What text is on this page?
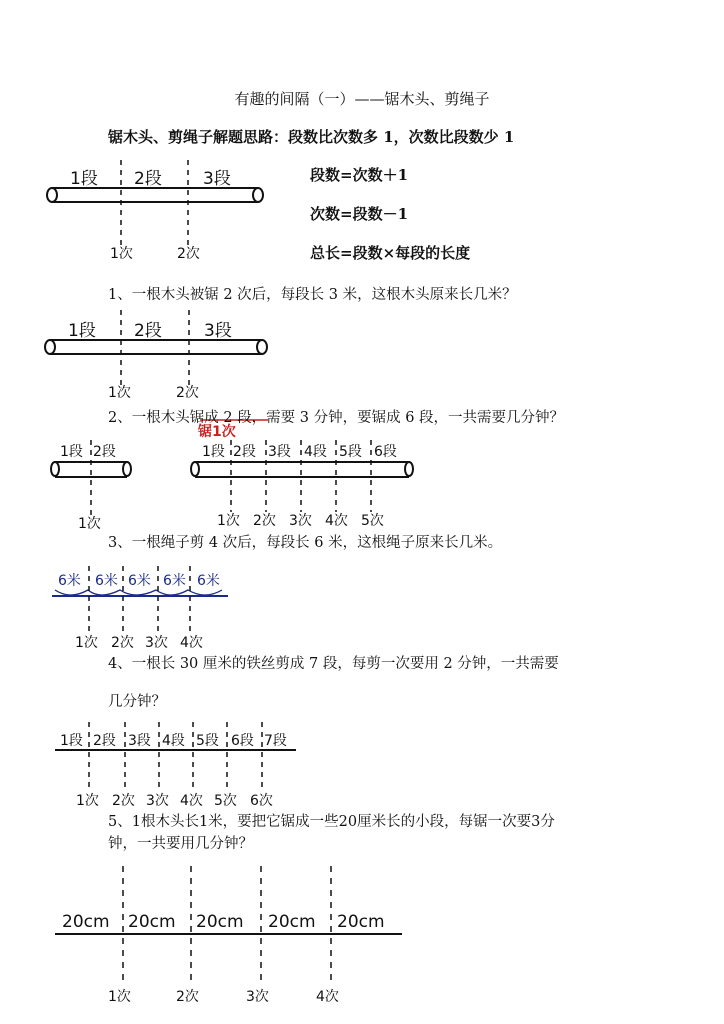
有趣的间隔（一）——锯木头、剪绳子
锯木头、剪绳子解题思路：段数比次数多 1，次数比段数少 1
段数=次数＋1
次数=段数－1
总长=段数×每段的长度
1段 2段 3段
1次	2次
1、一根木头被锯 2 次后，每段长 3 米，这根木头原来长几米？
1段 2段 3段
1次	2次
2、一根木头锯成 2 段，需要 3 分钟，要锯成 6 段，一共需要几分钟？
锯1次
1段 2段
1次
1段 2段 3段 4段 5段 6段
1次 2次 3次 4次 5次
3、一根绳子剪 4 次后，每段长 6 米，这根绳子原来长几米。
6米 6米 6米 6米 6米
1次 2次 3次 4次
4、一根长 30 厘米的铁丝剪成 7 段，每剪一次要用 2 分钟，一共需要
几分钟？
1段 2段 3段 4段 5段 6段 7段
1次 2次 3次 4次 5次 6次
5、1根木头长1米，要把它锯成一些20厘米长的小段，每锯一次要3分
钟，一共要用几分钟？
20cm 20cm 20cm 20cm 20cm
1次	2次	3次	4次
